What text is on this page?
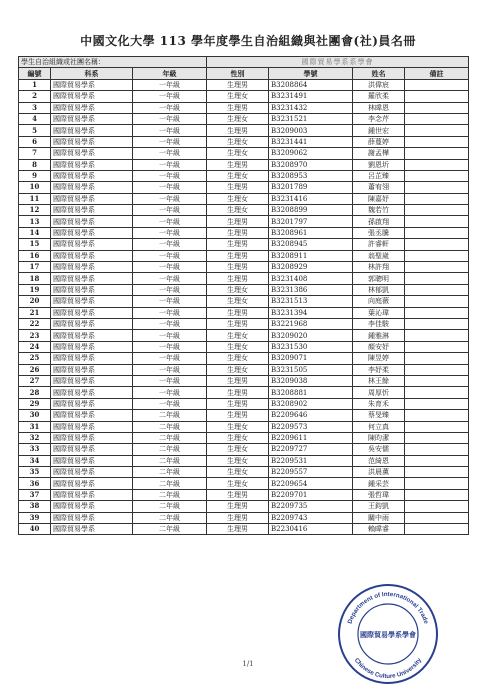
中國文化大學 113 學年度學生自治組織與社團會(社)員名冊
學生自治組織或社團名稱：			國際貿易學系系學會			
編號	科系	年級	性別	學號	姓名	備註
1	國際貿易學系	一年級	生理男	B3208864	洪偉宸	
2	國際貿易學系	一年級	生理女	B3231491	羅欣柔	
3	國際貿易學系	一年級	生理男	B3231432	林暐恩	
4	國際貿易學系	一年級	生理女	B3231521	李念芹	
5	國際貿易學系	一年級	生理男	B3209003	鍾世宏	
6	國際貿易學系	一年級	生理女	B3231441	薛蔓婷	
7	國際貿易學系	一年級	生理女	B3209062	謝孟樺	
8	國際貿易學系	一年級	生理男	B3208970	劉恩圻	
9	國際貿易學系	一年級	生理女	B3208953	呂芷臻	
10	國際貿易學系	一年級	生理男	B3201789	蕭宥翎	
11	國際貿易學系	一年級	生理女	B3231416	陳嘉妤	
12	國際貿易學系	一年級	生理女	B3208899	魏若竹	
13	國際貿易學系	一年級	生理男	B3201797	孫啟翔	
14	國際貿易學系	一年級	生理男	B3208961	張丞騰	
15	國際貿易學系	一年級	生理男	B3208945	許睿軒	
16	國際貿易學系	一年級	生理男	B3208911	翁聖崴	
17	國際貿易學系	一年級	生理男	B3208929	林許翔	
18	國際貿易學系	一年級	生理男	B3231408	郭聰明	
19	國際貿易學系	一年級	生理女	B3231386	林郁凱	
20	國際貿易學系	一年級	生理女	B3231513	向庭薇	
21	國際貿易學系	一年級	生理男	B3231394	葉沁瑋	
22	國際貿易學系	一年級	生理男	B3221968	李佳駿	
23	國際貿易學系	一年級	生理女	B3209020	鍾雅淋	
24	國際貿易學系	一年級	生理女	B3231530	顏安妤	
25	國際貿易學系	一年級	生理女	B3209071	陳昱婷	
26	國際貿易學系	一年級	生理女	B3231505	李妤柔	
27	國際貿易學系	一年級	生理男	B3209038	林王餘	
28	國際貿易學系	一年級	生理男	B3208881	周厚忻	
29	國際貿易學系	一年級	生理男	B3208902	朱育禾	
30	國際貿易學系	二年級	生理男	B2209646	蔡旻臻	
31	國際貿易學系	二年級	生理女	B2209573	何立真	
32	國際貿易學系	二年級	生理女	B2209611	陳昀潔	
33	國際貿易學系	二年級	生理女	B2209727	吳安儒	
34	國際貿易學系	二年級	生理女	B2209531	范綺恩	
35	國際貿易學系	二年級	生理女	B2209557	洪晨薰	
36	國際貿易學系	二年級	生理女	B2209654	鍾采芸	
37	國際貿易學系	二年級	生理男	B2209701	張哲瑋	
38	國際貿易學系	二年級	生理男	B2209735	王鈞凱	
39	國際貿易學系	二年級	生理男	B2209743	關中雨	
40	國際貿易學系	二年級	生理男	B2230416	賴暐睿	
1/1
Department of International Trade
Chinese Culture University
國際貿易學系學會
